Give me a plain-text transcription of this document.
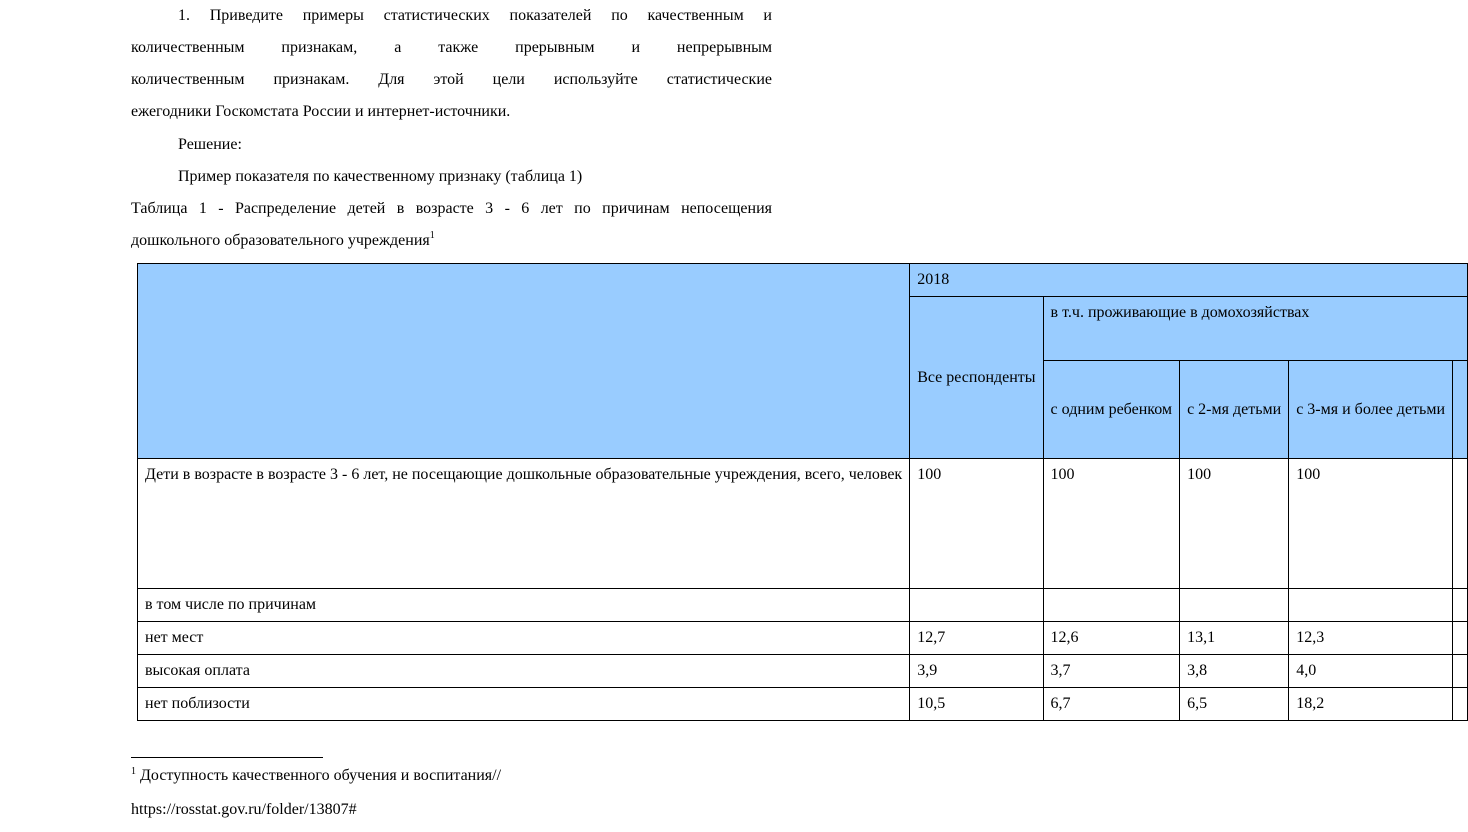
1. Приведите примеры статистических показателей по качественным и
количественным признакам, а также прерывным и непрерывным
количественным признакам. Для этой цели используйте статистические
ежегодники Госкомстата России и интернет-источники.
Решение:
Пример показателя по качественному признаку (таблица 1)
Таблица 1 - Распределение детей в возрасте 3 - 6 лет по причинам непосещения
дошкольного образовательного учреждения$^1$
	2018				
	Все респонденты	в т.ч. проживающие в домохозяйствах			
		с одним ребенком	с 2-мя детьми	с 3-мя и более детьми	
Дети в возрасте в возрасте 3 - 6 лет, не посещающие дошкольные образовательные учреждения, всего, человек	100	100	100	100	
в том числе по причинам					
нет мест	12,7	12,6	13,1	12,3	
высокая оплата	3,9	3,7	3,8	4,0	
нет поблизости	10,5	6,7	6,5	18,2	
$^1$ Доступность качественного обучения и воспитания//
https://rosstat.gov.ru/folder/13807#
